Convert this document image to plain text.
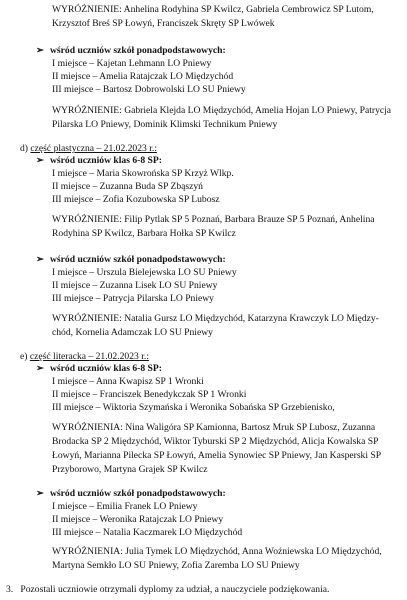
WYRÓŻNIENIE: Anhelina Rodyhina SP Kwilcz, Gabriela Cembrowicz SP Lutom,
Krzysztof Breś SP Łowyń, Franciszek Skręty SP Lwówek
➢ wśród uczniów szkół ponadpodstawowych:
I miejsce – Kajetan Lehmann LO Pniewy
II miejsce – Amelia Ratajczak LO Międzychód
III miejsce – Bartosz Dobrowolski LO SU Pniewy
WYRÓŻNIENIE: Gabriela Klejda LO Międzychód, Amelia Hojan LO Pniewy, Patrycja
Pilarska LO Pniewy, Dominik Klimski Technikum Pniewy
d) część plastyczna – 21.02.2023 r.:
➢ wśród uczniów klas 6-8 SP:
I miejsce – Maria Skowrońska SP Krzyż Wlkp.
II miejsce – Zuzanna Buda SP Zbąszyń
III miejsce – Zofia Kozubowska SP Lubosz
WYRÓŻNIENIE: Filip Pytlak SP 5 Poznań, Barbara Brauze SP 5 Poznań, Anhelina
Rodyhina SP Kwilcz, Barbara Hołka SP Kwilcz
➢ wśród uczniów szkół ponadpodstawowych:
I miejsce – Urszula Bielejewska LO SU Pniewy
II miejsce – Zuzanna Lisek LO SU Pniewy
III miejsce – Patrycja Pilarska LO Pniewy
WYRÓŻNIENIE: Natalia Gursz LO Międzychód, Katarzyna Krawczyk LO Między-
chód, Kornelia Adamczak LO SU Pniewy
e) część literacka – 21.02.2023 r.:
➢ wśród uczniów klas 6-8 SP:
I miejsce – Anna Kwapisz SP 1 Wronki
II miejsce – Franciszek Benedykczak SP 1 Wronki
III miejsce – Wiktoria Szymańska i Weronika Sobańska SP Grzebienisko,
WYRÓŻNIENIA: Nina Waligóra SP Kamionna, Bartosz Mruk SP Lubosz, Zuzanna
Brodacka SP 2 Międzychód, Wiktor Tyburski SP 2 Międzychód, Alicja Kowalska SP
Łowyń, Marianna Pilecka SP Łowyń, Amelia Synowiec SP Pniewy, Jan Kasperski SP
Przyborowo, Martyna Grajek SP Kwilcz
➢ wśród uczniów szkół ponadpodstawowych:
I miejsce – Emilia Franek LO Pniewy
II miejsce – Weronika Ratajczak LO Pniewy
III miejsce – Natalia Kaczmarek LO Międzychód
WYRÓŻNIENIA: Julia Tymek LO Międzychód, Anna Woźniewska LO Międzychód,
Martyna Semkło LO SU Pniewy, Zofia Zaremba LO SU Pniewy
3. Pozostali uczniowie otrzymali dyplomy za udział, a nauczyciele podziękowania.
